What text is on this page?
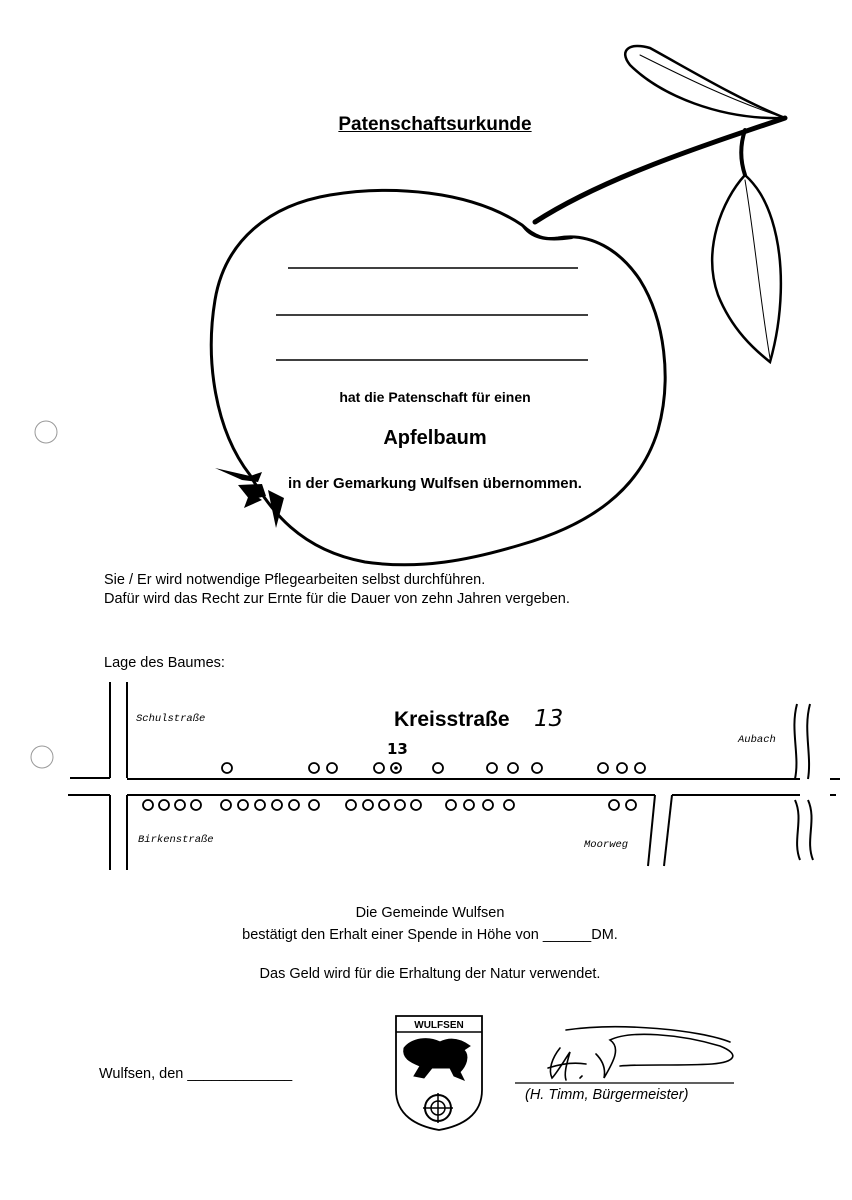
Patenschaftsurkunde
hat die Patenschaft für einen
Apfelbaum
in der Gemarkung Wulfsen übernommen.
Sie / Er wird notwendige Pflegearbeiten selbst durchführen.
Dafür wird das Recht zur Ernte für die Dauer von zehn Jahren vergeben.
Lage des Baumes:
Schulstraße
Birkenstraße	Moorweg
Aubach
Kreisstraße 13
13
Die Gemeinde Wulfsen
bestätigt den Erhalt einer Spende in Höhe von ______DM.
Das Geld wird für die Erhaltung der Natur verwendet.
Wulfsen, den _____________
WULFSEN
(H. Timm, Bürgermeister)
